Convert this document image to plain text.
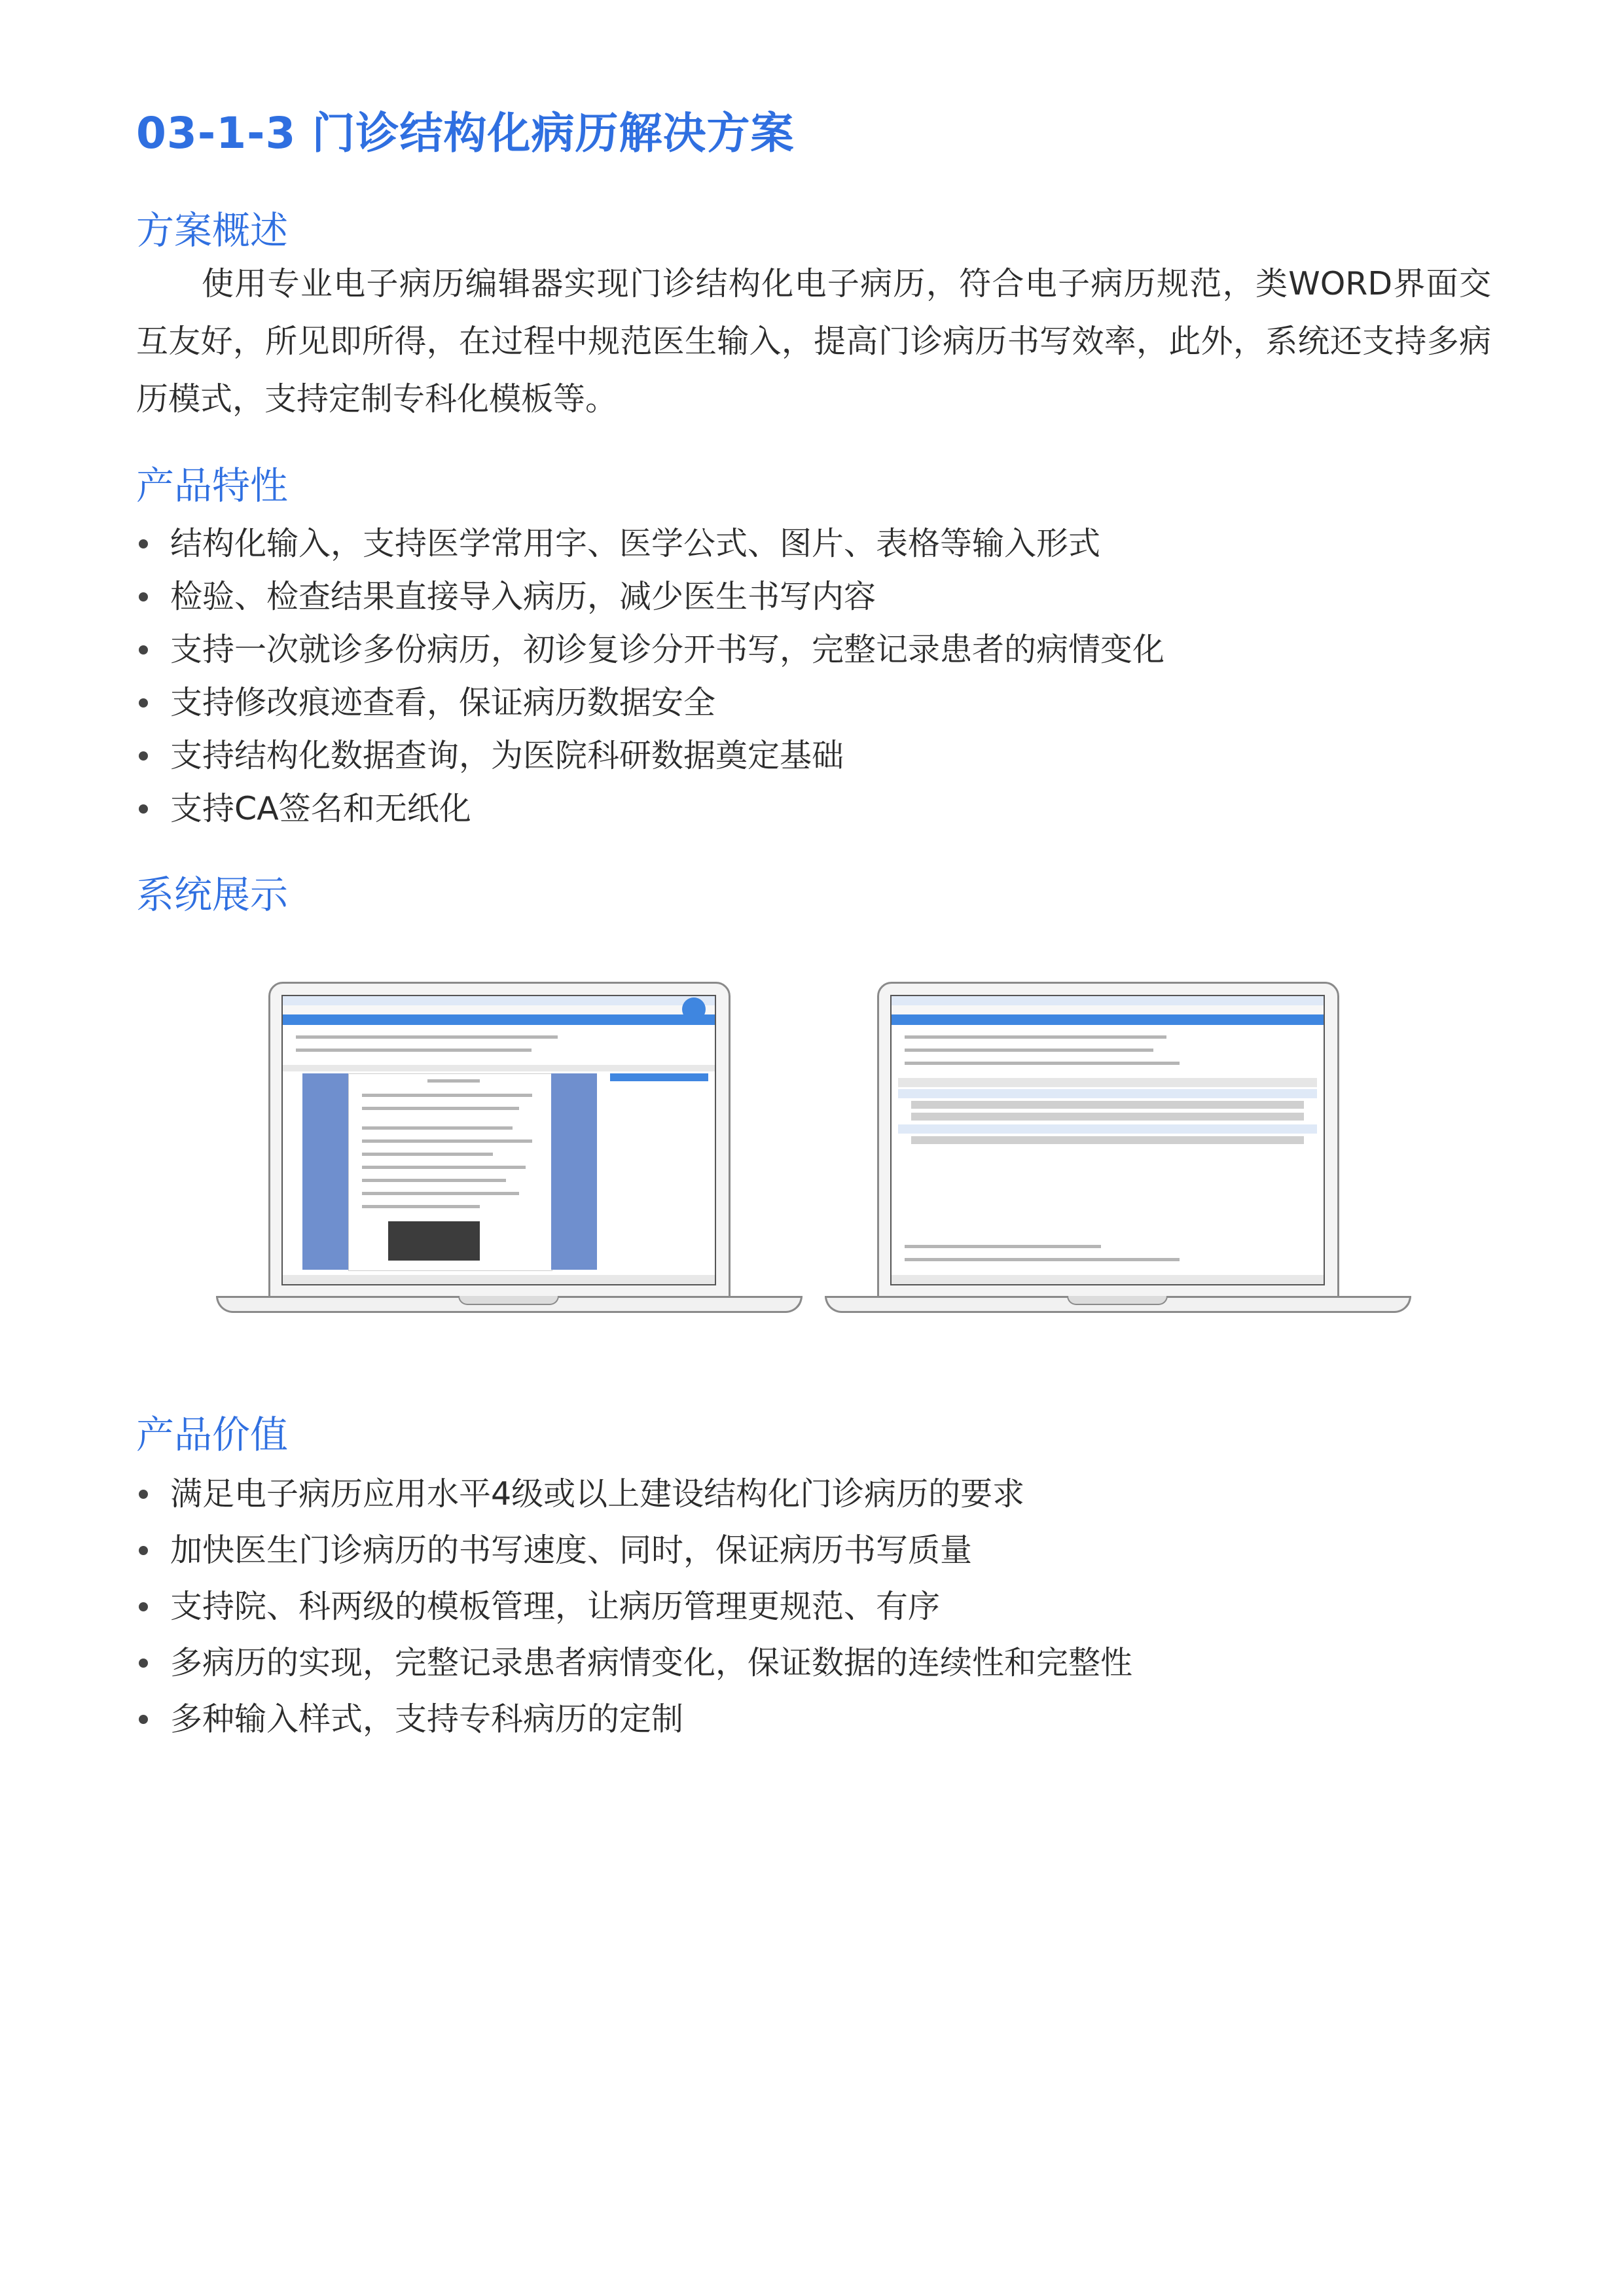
03-1-3 门诊结构化病历解决方案
方案概述

使用专业电子病历编辑器实现门诊结构化电子病历，符合电子病历规范，类WORD界面交互友好，所见即所得，在过程中规范医生输入，提高门诊病历书写效率，此外，系统还支持多病历模式，支持定制专科化模板等。

产品特性
结构化输入，支持医学常用字、医学公式、图片、表格等输入形式
检验、检查结果直接导入病历，减少医生书写内容
支持一次就诊多份病历，初诊复诊分开书写，完整记录患者的病情变化
支持修改痕迹查看，保证病历数据安全
支持结构化数据查询，为医院科研数据奠定基础
支持CA签名和无纸化
系统展示
产品价值
满足电子病历应用水平4级或以上建设结构化门诊病历的要求
加快医生门诊病历的书写速度、同时，保证病历书写质量
支持院、科两级的模板管理，让病历管理更规范、有序
多病历的实现，完整记录患者病情变化，保证数据的连续性和完整性
多种输入样式，支持专科病历的定制
